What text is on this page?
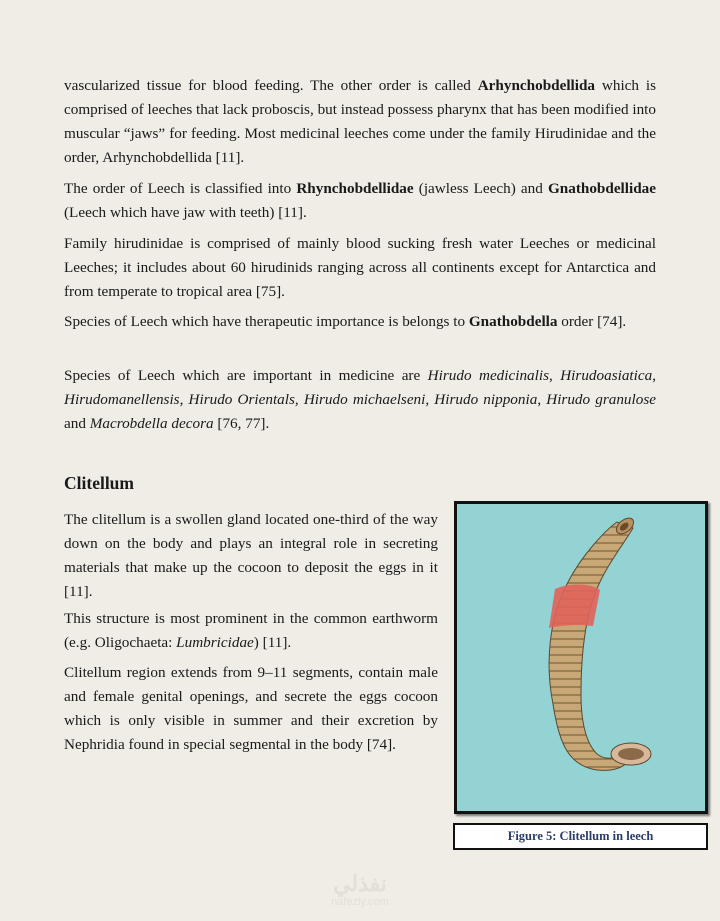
vascularized tissue for blood feeding. The other order is called Arhynchobdellida which is comprised of leeches that lack proboscis, but instead possess pharynx that has been modified into muscular “jaws” for feeding. Most medicinal leeches come under the family Hirudinidae and the order, Arhynchobdellida [11].

The order of Leech is classified into Rhynchobdellidae (jawless Leech) and Gnathobdellidae (Leech which have jaw with teeth) [11].

Family hirudinidae is comprised of mainly blood sucking fresh water Leeches or medicinal Leeches; it includes about 60 hirudinids ranging across all continents except for Antarctica and from temperate to tropical area [75].

Species of Leech which have therapeutic importance is belongs to Gnathobdella order [74].

Species of Leech which are important in medicine are Hirudo medicinalis, Hirudoasiatica, Hirudomanellensis, Hirudo Orientals, Hirudo michaelseni, Hirudo nipponia, Hirudo granulose and Macrobdella decora [76, 77].

Clitellum

The clitellum is a swollen gland located one-third of the way down on the body and plays an integral role in secreting materials that make up the cocoon to deposit the eggs in it [11].

This structure is most prominent in the common earthworm (e.g. Oligochaeta: Lumbricidae) [11].

Clitellum region extends from 9–11 segments, contain male and female genital openings, and secrete the eggs cocoon which is only visible in summer and their excretion by Nephridia found in special segmental in the body [74].

Figure 5: Clitellum in leech
نفذلي
nafezly.com
